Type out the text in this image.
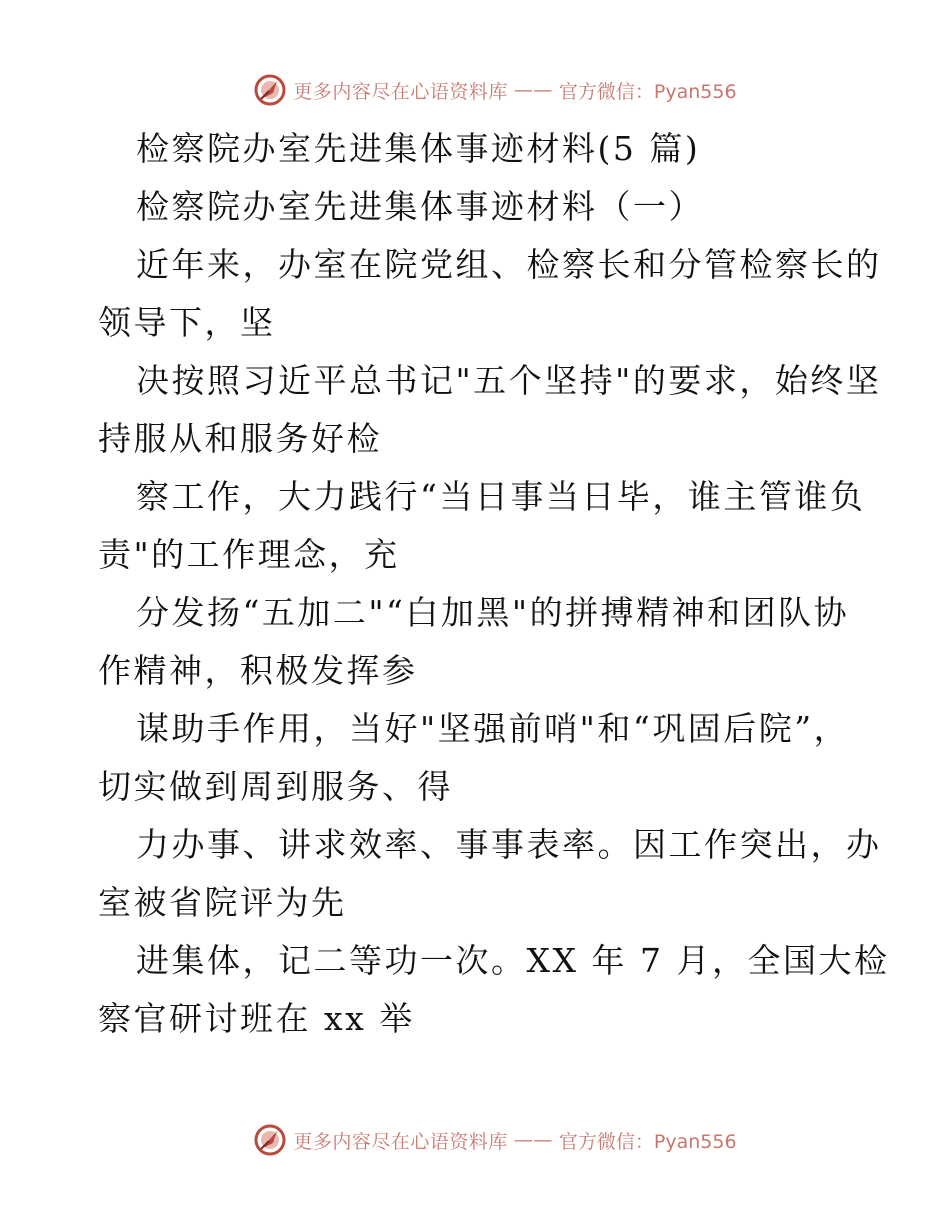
更多内容尽在心语资料库 —— 官方微信：Pyan556
检察院办室先进集体事迹材料(5 篇)
检察院办室先进集体事迹材料（一）
近年来，办室在院党组、检察长和分管检察长的
领导下，坚
决按照习近平总书记"五个坚持"的要求，始终坚
持服从和服务好检
察工作，大力践行“当日事当日毕，谁主管谁负
责"的工作理念，充
分发扬“五加二"“白加黑"的拼搏精神和团队协
作精神，积极发挥参
谋助手作用，当好"坚强前哨"和“巩固后院”，
切实做到周到服务、得
力办事、讲求效率、事事表率。因工作突出，办
室被省院评为先
进集体，记二等功一次。XX 年 7 月，全国大检
察官研讨班在 xx 举
更多内容尽在心语资料库 —— 官方微信：Pyan556
